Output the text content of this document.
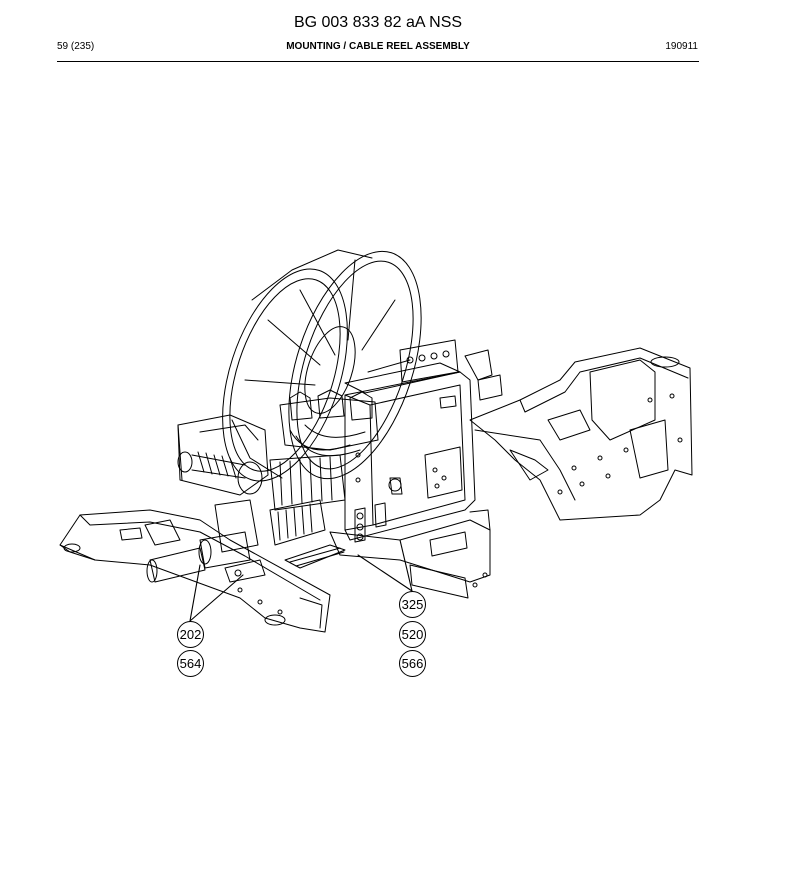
BG 003 833 82 aA NSS
59 (235)	MOUNTING / CABLE REEL ASSEMBLY	190911
202
564
325
520
566
